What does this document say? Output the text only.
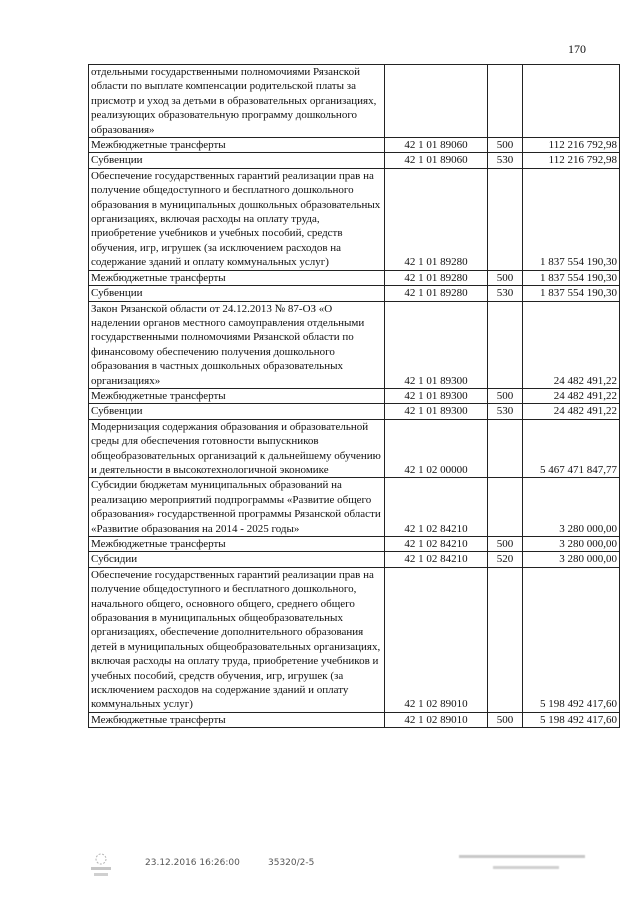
170
отдельными государственными полномочиями Рязанской области по выплате компенсации родительской платы за присмотр и уход за детьми в образовательных организациях, реализующих образовательную программу дошкольного образования»			
Межбюджетные трансферты	42 1 01 89060	500	112 216 792,98
Субвенции	42 1 01 89060	530	112 216 792,98
Обеспечение государственных гарантий реализации прав на получение общедоступного и бесплатного дошкольного образования в муниципальных дошкольных образовательных организациях, включая расходы на оплату труда, приобретение учебников и учебных пособий, средств обучения, игр, игрушек (за исключением расходов на содержание зданий и оплату коммунальных услуг)	42 1 01 89280		1 837 554 190,30
Межбюджетные трансферты	42 1 01 89280	500	1 837 554 190,30
Субвенции	42 1 01 89280	530	1 837 554 190,30
Закон Рязанской области от 24.12.2013 № 87-ОЗ «О наделении органов местного самоуправления отдельными государственными полномочиями Рязанской области по финансовому обеспечению получения дошкольного образования в частных дошкольных образовательных организациях»	42 1 01 89300		24 482 491,22
Межбюджетные трансферты	42 1 01 89300	500	24 482 491,22
Субвенции	42 1 01 89300	530	24 482 491,22
Модернизация содержания образования и образовательной среды для обеспечения готовности выпускников общеобразовательных организаций к дальнейшему обучению и деятельности в высокотехнологичной экономике	42 1 02 00000		5 467 471 847,77
Субсидии бюджетам муниципальных образований на реализацию мероприятий подпрограммы «Развитие общего образования» государственной программы Рязанской области «Развитие образования на 2014 - 2025 годы»	42 1 02 84210		3 280 000,00
Межбюджетные трансферты	42 1 02 84210	500	3 280 000,00
Субсидии	42 1 02 84210	520	3 280 000,00
Обеспечение государственных гарантий реализации прав на получение общедоступного и бесплатного дошкольного, начального общего, основного общего, среднего общего образования в муниципальных общеобразовательных организациях, обеспечение дополнительного образования детей в муниципальных общеобразовательных организациях, включая расходы на оплату труда, приобретение учебников и учебных пособий, средств обучения, игр, игрушек (за исключением расходов на содержание зданий и оплату коммунальных услуг)	42 1 02 89010		5 198 492 417,60
Межбюджетные трансферты	42 1 02 89010	500	5 198 492 417,60
23.12.2016 16:26:00	35320/2-5
